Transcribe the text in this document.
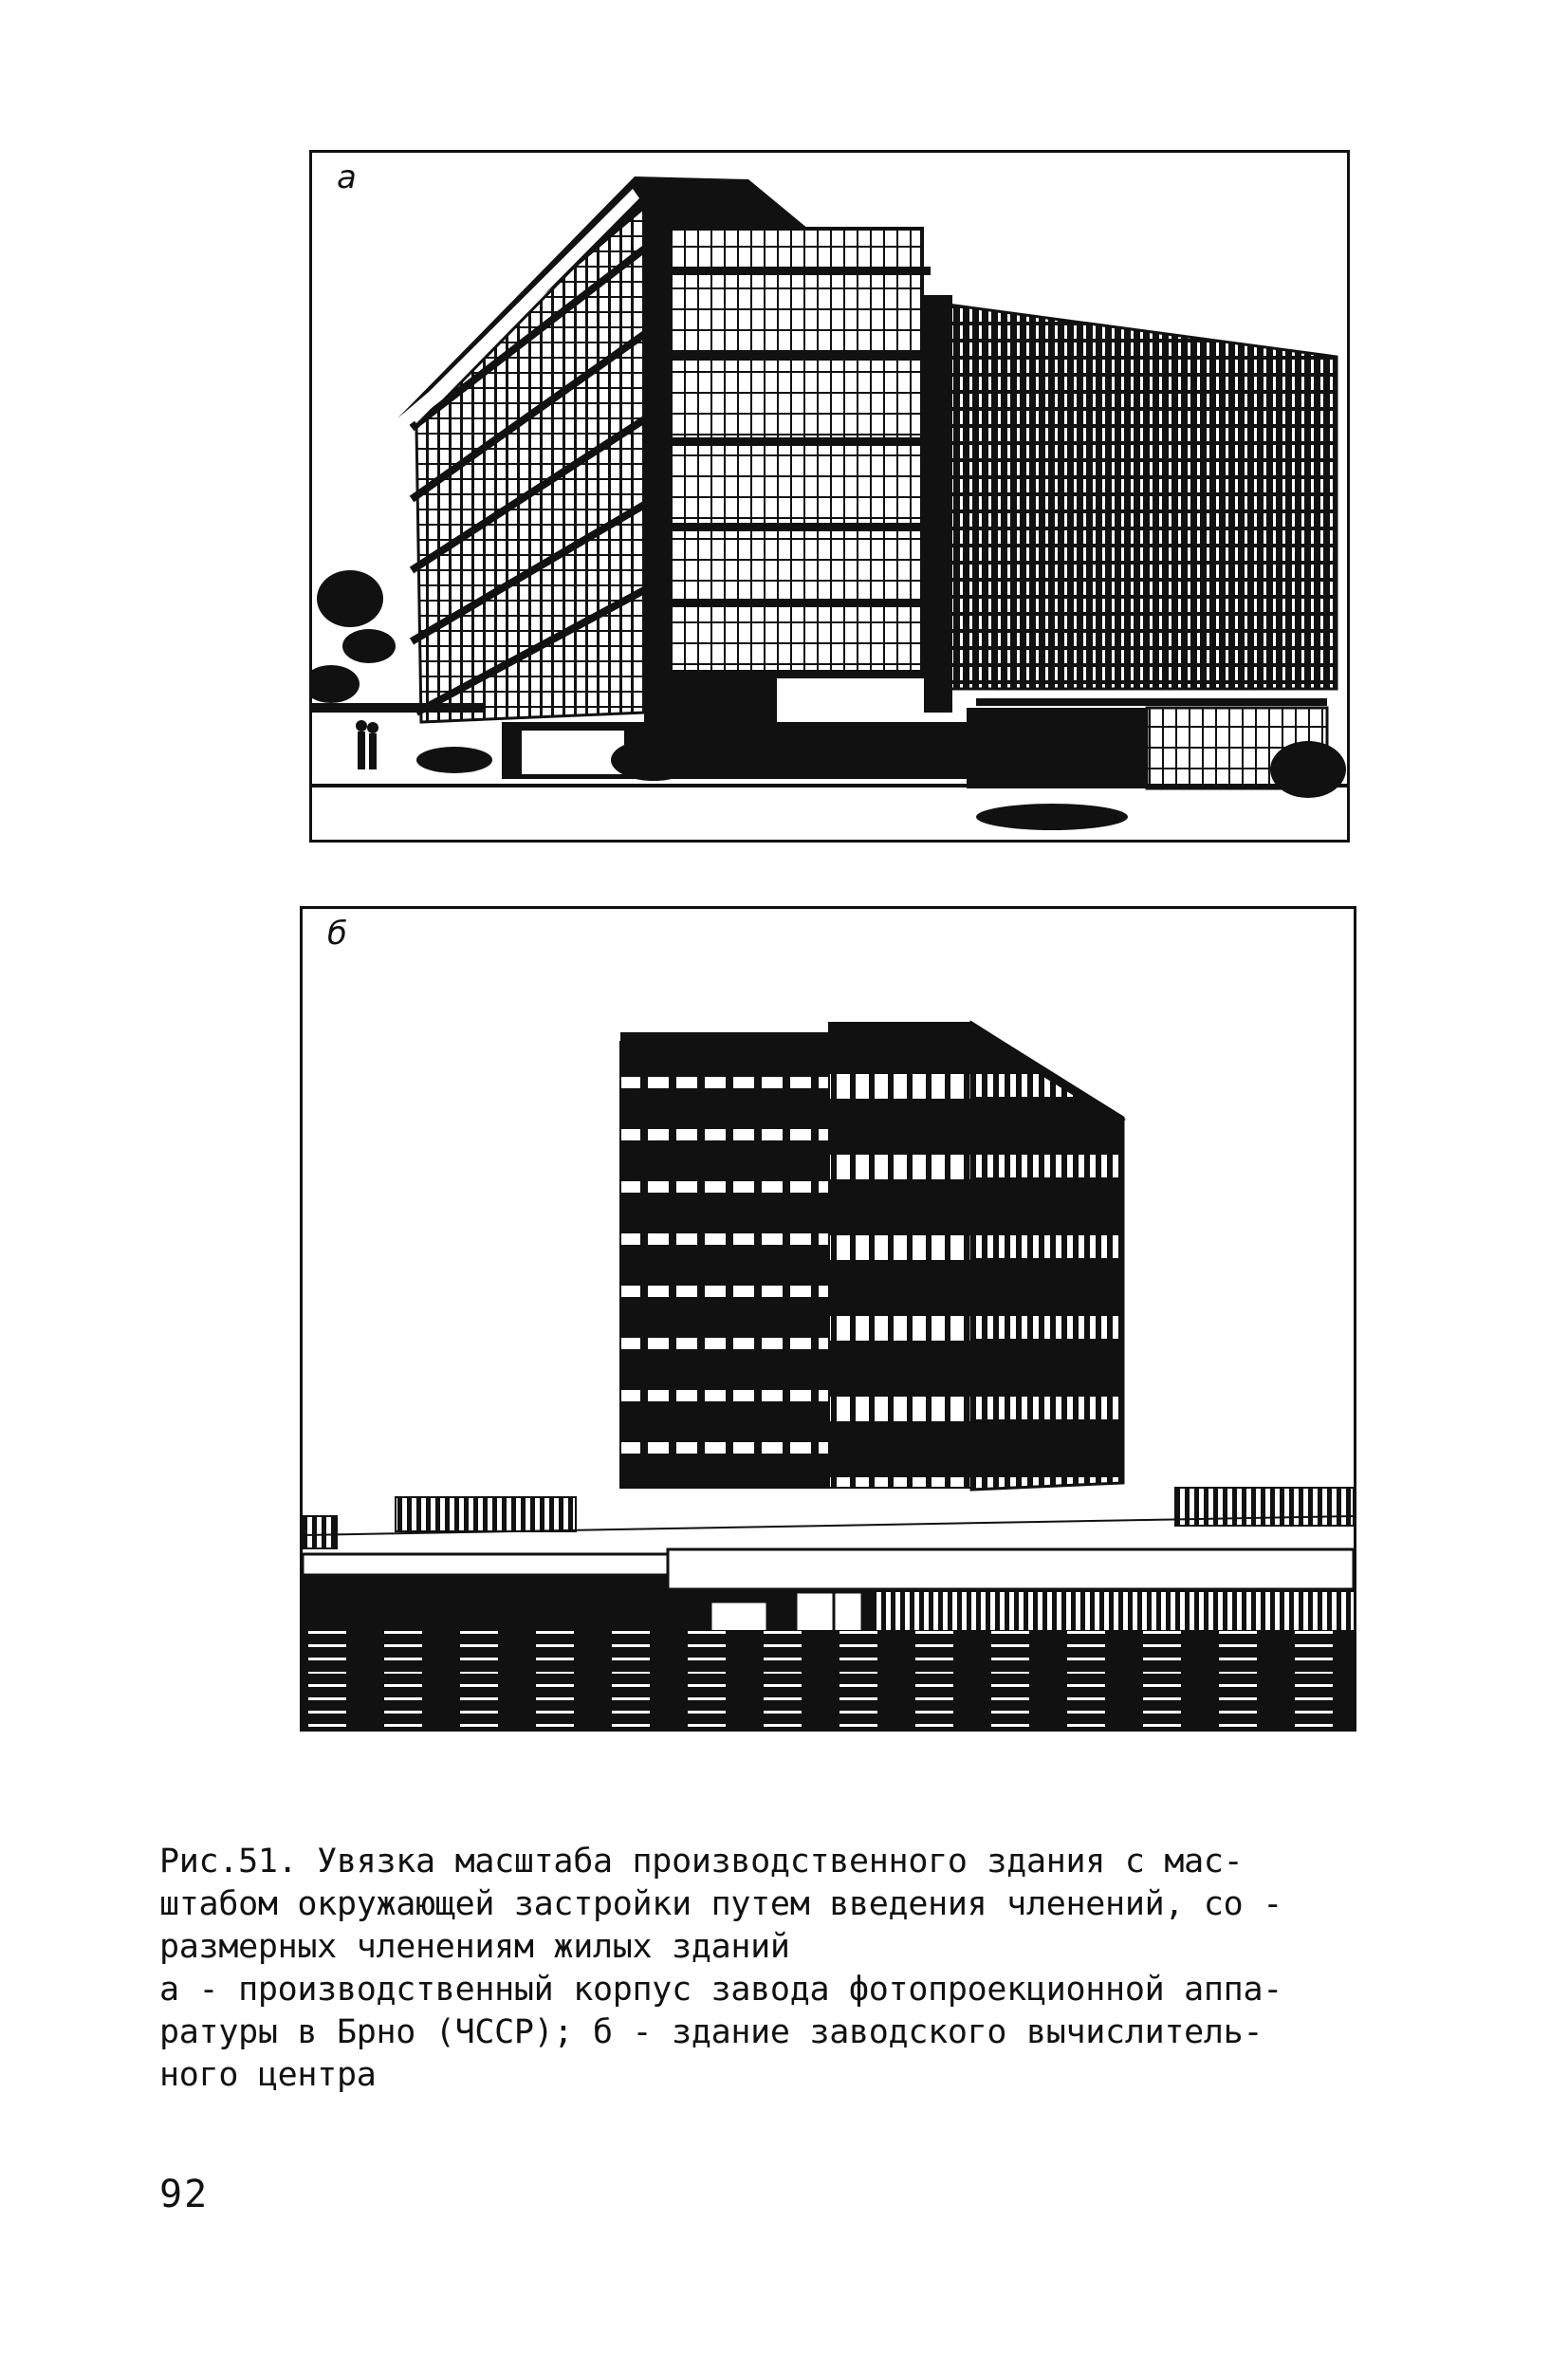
а
б

Рис.51. Увязка масштаба производственного здания с мас-

штабом окружающей застройки путем введения членений, со -

размерных членениям жилых зданий

а - производственный корпус завода фотопроекционной аппа-

ратуры в Брно (ЧССР); б - здание заводского вычислитель-

ного центра

92
